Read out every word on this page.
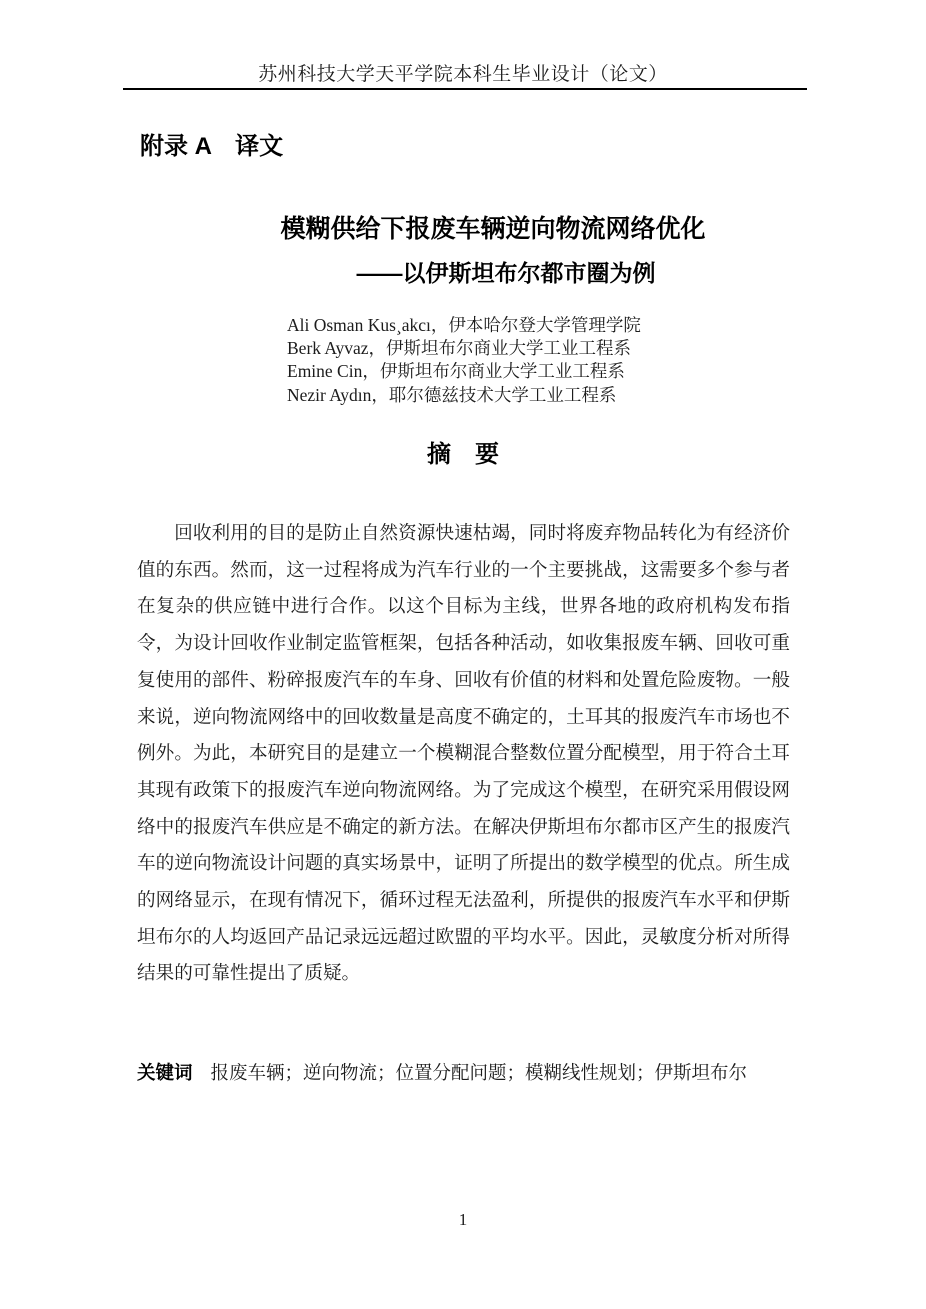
苏州科技大学天平学院本科生毕业设计（论文）
附录 A　译文
模糊供给下报废车辆逆向物流网络优化
——以伊斯坦布尔都市圈为例
Ali Osman Kus¸akcı，伊本哈尔登大学管理学院
Berk Ayvaz，伊斯坦布尔商业大学工业工程系
Emine Cin，伊斯坦布尔商业大学工业工程系
Nezir Aydın，耶尔德兹技术大学工业工程系
摘　要
回收利用的目的是防止自然资源快速枯竭，同时将废弃物品转化为有经济价值的东西。然而，这一过程将成为汽车行业的一个主要挑战，这需要多个参与者在复杂的供应链中进行合作。以这个目标为主线，世界各地的政府机构发布指令，为设计回收作业制定监管框架，包括各种活动，如收集报废车辆、回收可重复使用的部件、粉碎报废汽车的车身、回收有价值的材料和处置危险废物。一般来说，逆向物流网络中的回收数量是高度不确定的，土耳其的报废汽车市场也不例外。为此，本研究目的是建立一个模糊混合整数位置分配模型，用于符合土耳其现有政策下的报废汽车逆向物流网络。为了完成这个模型，在研究采用假设网络中的报废汽车供应是不确定的新方法。在解决伊斯坦布尔都市区产生的报废汽车的逆向物流设计问题的真实场景中，证明了所提出的数学模型的优点。所生成的网络显示，在现有情况下，循环过程无法盈利，所提供的报废汽车水平和伊斯坦布尔的人均返回产品记录远远超过欧盟的平均水平。因此，灵敏度分析对所得结果的可靠性提出了质疑。
关键词 报废车辆；逆向物流；位置分配问题；模糊线性规划；伊斯坦布尔
1
